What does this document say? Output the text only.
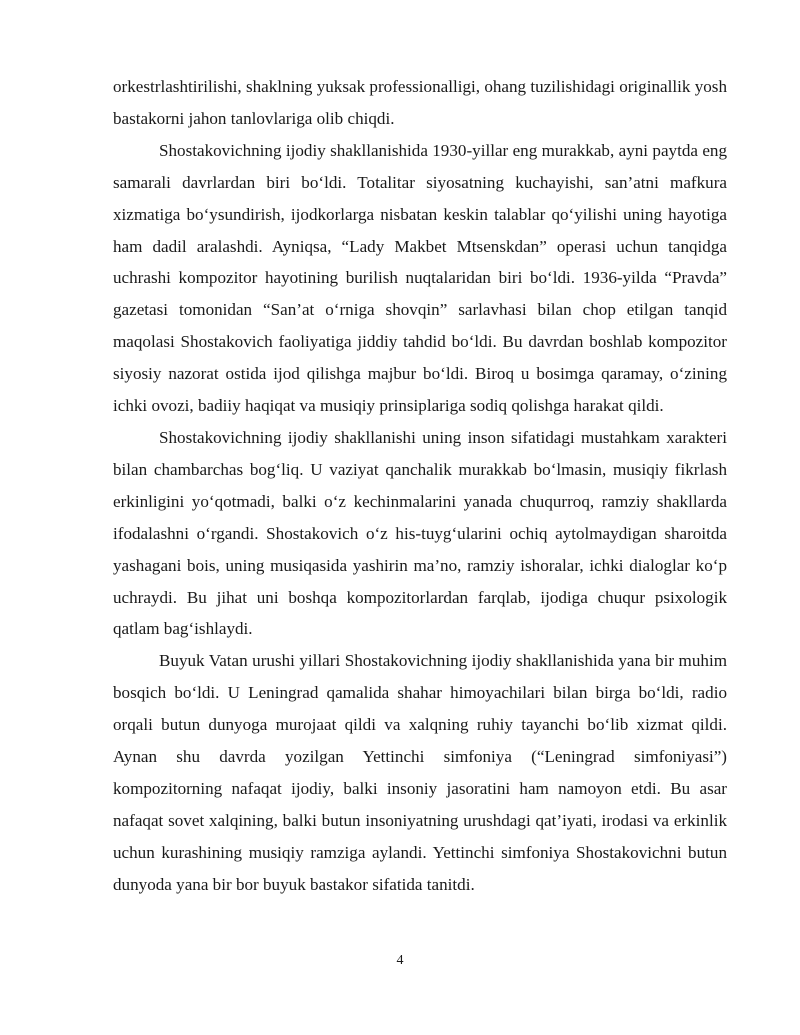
orkestrlashtirilishi, shaklning yuksak professionalligi, ohang tuzilishidagi originallik yosh bastakorni jahon tanlovlariga olib chiqdi.

Shostakovichning ijodiy shakllanishida 1930-yillar eng murakkab, ayni paytda eng samarali davrlardan biri bo‘ldi. Totalitar siyosatning kuchayishi, san’atni mafkura xizmatiga bo‘ysundirish, ijodkorlarga nisbatan keskin talablar qo‘yilishi uning hayotiga ham dadil aralashdi. Ayniqsa, “Lady Makbet Mtsenskdan” operasi uchun tanqidga uchrashi kompozitor hayotining burilish nuqtalaridan biri bo‘ldi. 1936-yilda “Pravda” gazetasi tomonidan “San’at o‘rniga shovqin” sarlavhasi bilan chop etilgan tanqid maqolasi Shostakovich faoliyatiga jiddiy tahdid bo‘ldi. Bu davrdan boshlab kompozitor siyosiy nazorat ostida ijod qilishga majbur bo‘ldi. Biroq u bosimga qaramay, o‘zining ichki ovozi, badiiy haqiqat va musiqiy prinsiplariga sodiq qolishga harakat qildi.

Shostakovichning ijodiy shakllanishi uning inson sifatidagi mustahkam xarakteri bilan chambarchas bog‘liq. U vaziyat qanchalik murakkab bo‘lmasin, musiqiy fikrlash erkinligini yo‘qotmadi, balki o‘z kechinmalarini yanada chuqurroq, ramziy shakllarda ifodalashni o‘rgandi. Shostakovich o‘z his-tuyg‘ularini ochiq aytolmaydigan sharoitda yashagani bois, uning musiqasida yashirin ma’no, ramziy ishoralar, ichki dialoglar ko‘p uchraydi. Bu jihat uni boshqa kompozitorlardan farqlab, ijodiga chuqur psixologik qatlam bag‘ishlaydi.

Buyuk Vatan urushi yillari Shostakovichning ijodiy shakllanishida yana bir muhim bosqich bo‘ldi. U Leningrad qamalida shahar himoyachilari bilan birga bo‘ldi, radio orqali butun dunyoga murojaat qildi va xalqning ruhiy tayanchi bo‘lib xizmat qildi. Aynan shu davrda yozilgan Yettinchi simfoniya (“Leningrad simfoniyasi”) kompozitorning nafaqat ijodiy, balki insoniy jasoratini ham namoyon etdi. Bu asar nafaqat sovet xalqining, balki butun insoniyatning urushdagi qat’iyati, irodasi va erkinlik uchun kurashining musiqiy ramziga aylandi. Yettinchi simfoniya Shostakovichni butun dunyoda yana bir bor buyuk bastakor sifatida tanitdi.

4
